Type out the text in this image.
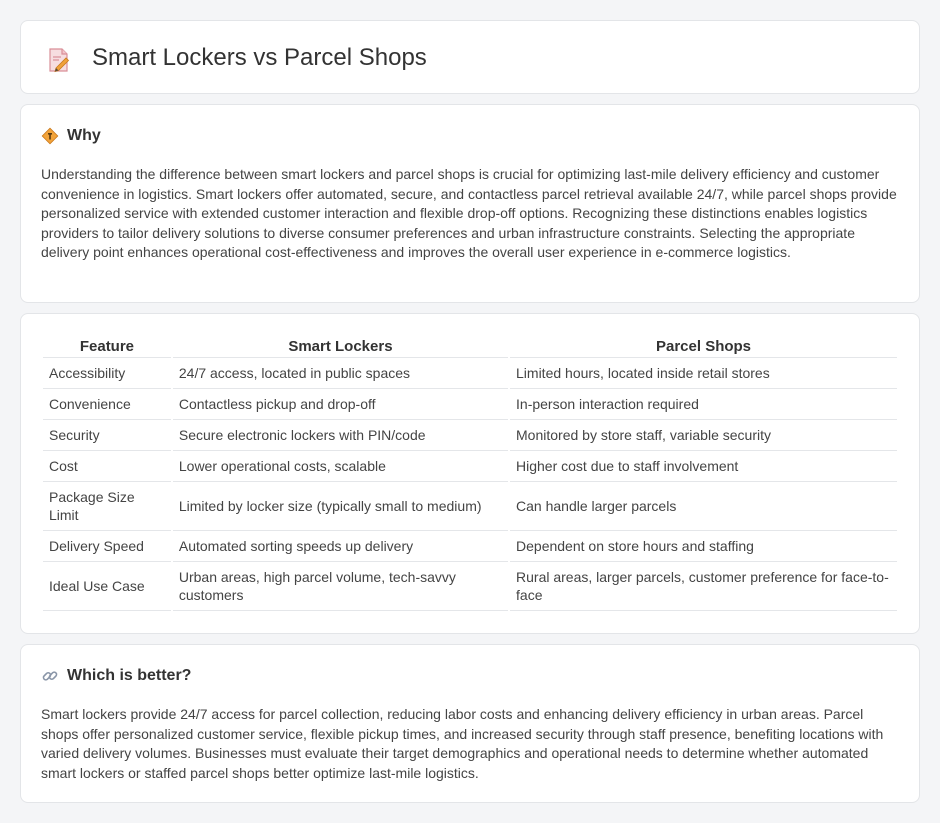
Smart Lockers vs Parcel Shops
Why

Understanding the difference between smart lockers and parcel shops is crucial for optimizing last-mile delivery efficiency and customer convenience in logistics. Smart lockers offer automated, secure, and contactless parcel retrieval available 24/7, while parcel shops provide personalized service with extended customer interaction and flexible drop-off options. Recognizing these distinctions enables logistics providers to tailor delivery solutions to diverse consumer preferences and urban infrastructure constraints. Selecting the appropriate delivery point enhances operational cost-effectiveness and improves the overall user experience in e-commerce logistics.

Feature	Smart Lockers	Parcel Shops
Accessibility	24/7 access, located in public spaces	Limited hours, located inside retail stores
Convenience	Contactless pickup and drop-off	In-person interaction required
Security	Secure electronic lockers with PIN/code	Monitored by store staff, variable security
Cost	Lower operational costs, scalable	Higher cost due to staff involvement
Package Size Limit	Limited by locker size (typically small to medium)	Can handle larger parcels
Delivery Speed	Automated sorting speeds up delivery	Dependent on store hours and staffing
Ideal Use Case	Urban areas, high parcel volume, tech-savvy customers	Rural areas, larger parcels, customer preference for face-to-face
Which is better?

Smart lockers provide 24/7 access for parcel collection, reducing labor costs and enhancing delivery efficiency in urban areas. Parcel shops offer personalized customer service, flexible pickup times, and increased security through staff presence, benefiting locations with varied delivery volumes. Businesses must evaluate their target demographics and operational needs to determine whether automated smart lockers or staffed parcel shops better optimize last-mile logistics.
